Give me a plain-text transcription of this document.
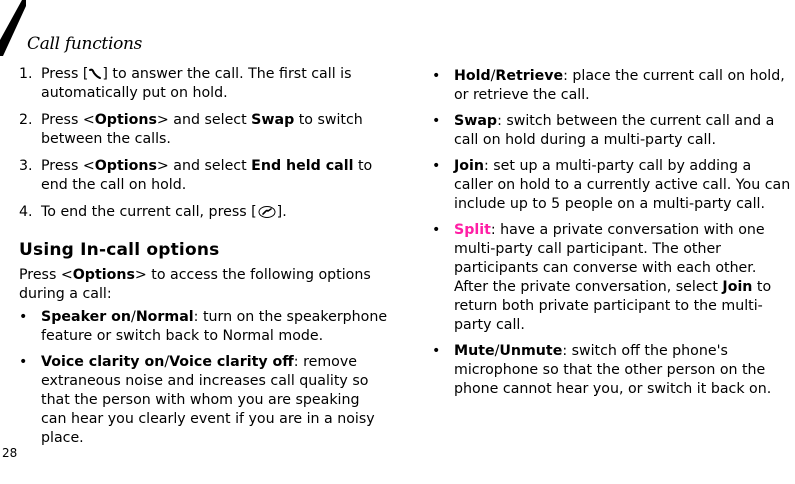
Call functions
1. Press [ ] to answer the call. The first call is automatically put on hold.
2. Press <Options> and select Swap to switch between the calls.
3. Press <Options> and select End held call to end the call on hold.
4. To end the current call, press [ ].
Using In-call options
Press <Options> to access the following options during a call:
• Speaker on/Normal: turn on the speakerphone feature or switch back to Normal mode.
• Voice clarity on/Voice clarity off: remove extraneous noise and increases call quality so that the person with whom you are speaking can hear you clearly event if you are in a noisy place.
• Hold/Retrieve: place the current call on hold, or retrieve the call.
• Swap: switch between the current call and a call on hold during a multi-party call.
• Join: set up a multi-party call by adding a caller on hold to a currently active call. You can include up to 5 people on a multi-party call.
• Split: have a private conversation with one multi-party call participant. The other participants can converse with each other. After the private conversation, select Join to return both private participant to the multi-party call.
• Mute/Unmute: switch off the phone's microphone so that the other person on the phone cannot hear you, or switch it back on.
28
